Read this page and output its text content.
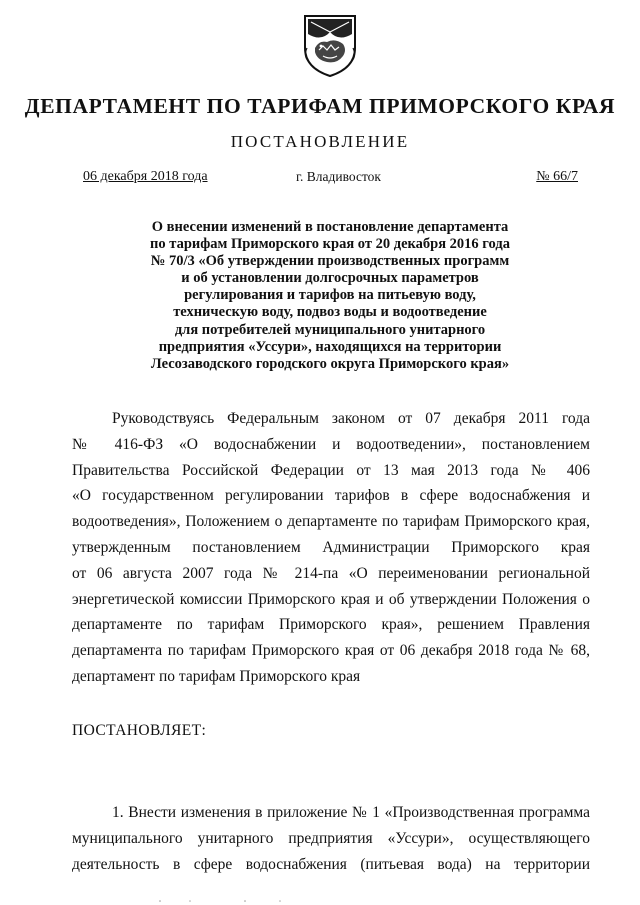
ДЕПАРТАМЕНТ ПО ТАРИФАМ ПРИМОРСКОГО КРАЯ
ПОСТАНОВЛЕНИЕ
06 декабря 2018 года	г. Владивосток	№ 66/7
О внесении изменений в постановление департамента
по тарифам Приморского края от 20 декабря 2016 года
№ 70/3 «Об утверждении производственных программ
и об установлении долгосрочных параметров
регулирования и тарифов на питьевую воду,
техническую воду, подвоз воды и водоотведение
для потребителей муниципального унитарного
предприятия «Уссури», находящихся на территории
Лесозаводского городского округа Приморского края»
Руководствуясь Федеральным законом от 07 декабря 2011 года
№ 416-ФЗ «О водоснабжении и водоотведении», постановлением
Правительства Российской Федерации от 13 мая 2013 года № 406
«О государственном регулировании тарифов в сфере водоснабжения и
водоотведения», Положением о департаменте по тарифам Приморского края,
утвержденным постановлением Администрации Приморского края
от 06 августа 2007 года № 214-па «О переименовании региональной
энергетической комиссии Приморского края и об утверждении Положения о
департаменте по тарифам Приморского края», решением Правления
департамента по тарифам Приморского края от 06 декабря 2018 года № 68,
департамент по тарифам Приморского края
ПОСТАНОВЛЯЕТ:
1. Внести изменения в приложение № 1 «Производственная программа
муниципального унитарного предприятия «Уссури», осуществляющего
деятельность в сфере водоснабжения (питьевая вода) на территории
